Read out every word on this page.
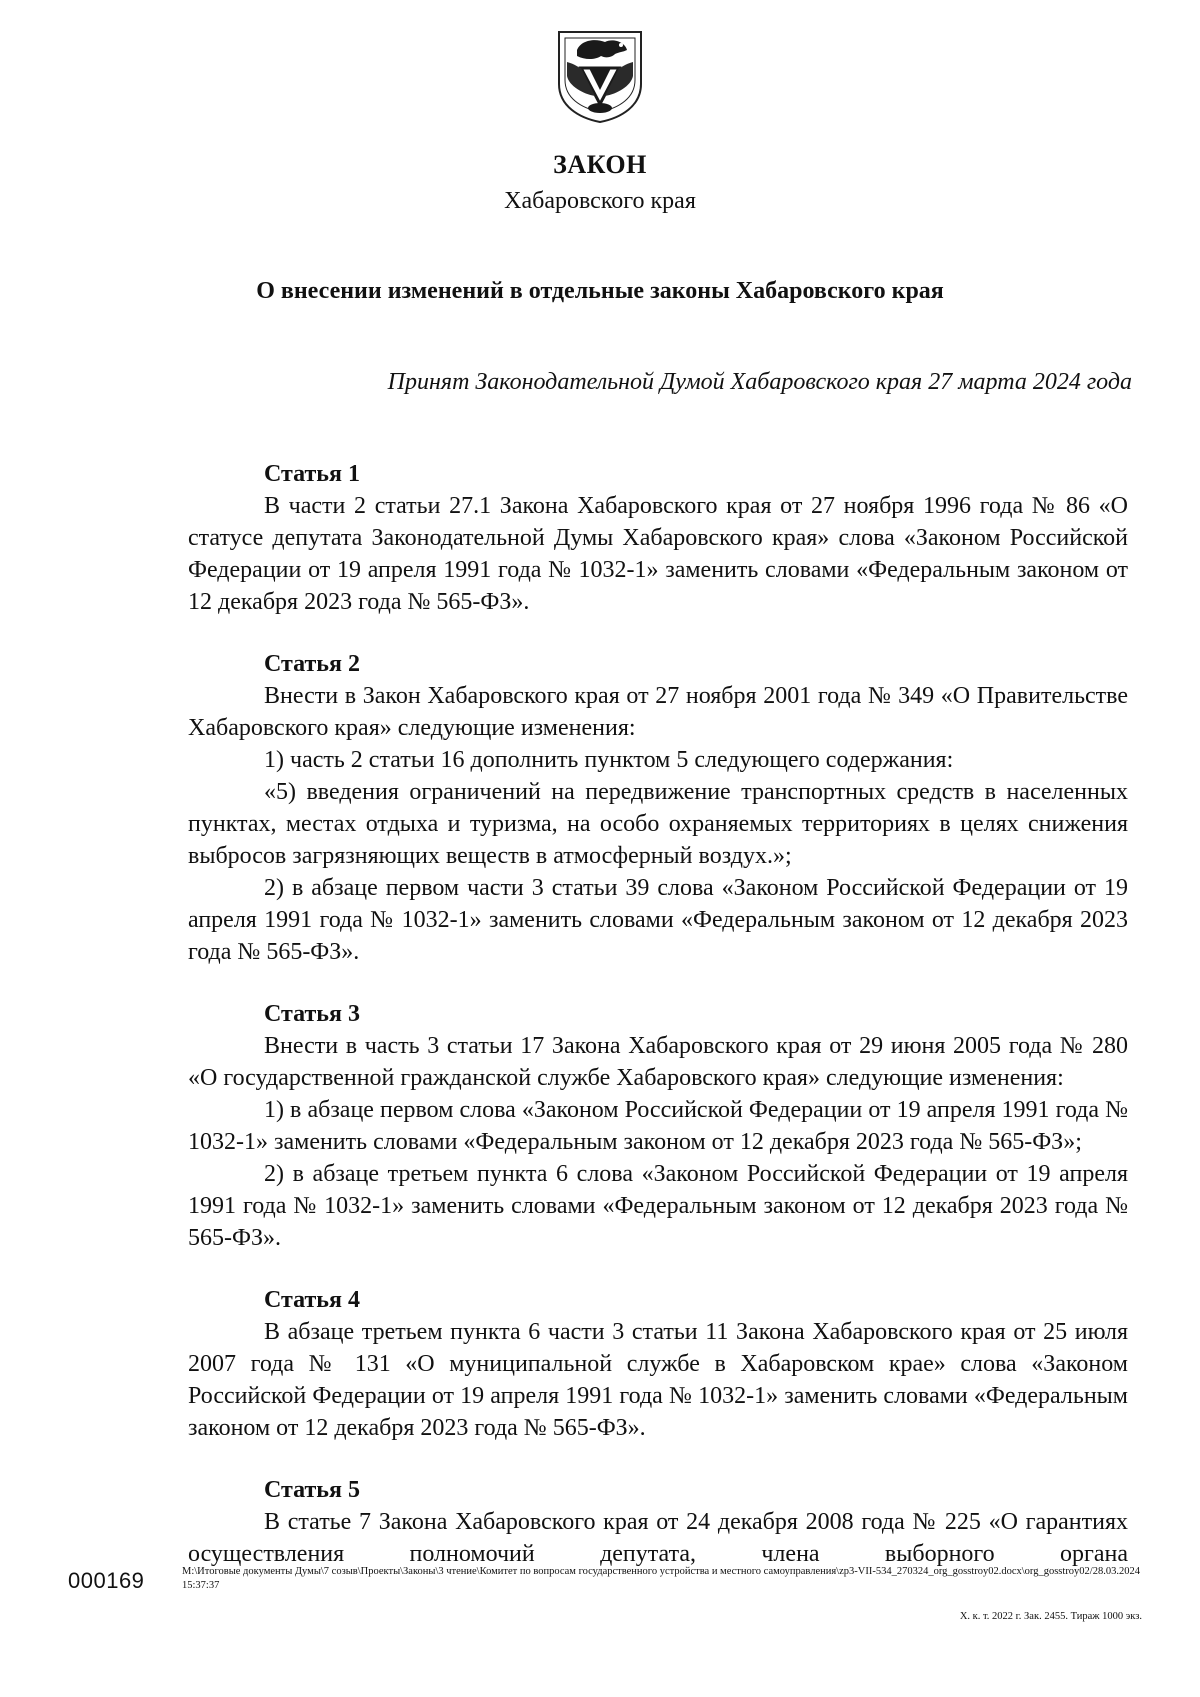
ЗАКОН
Хабаровского края
О внесении изменений в отдельные законы Хабаровского края
Принят Законодательной Думой Хабаровского края 27 марта 2024 года
Статья 1

В части 2 статьи 27.1 Закона Хабаровского края от 27 ноября 1996 года № 86 «О статусе депутата Законодательной Думы Хабаровского края» слова «Законом Российской Федерации от 19 апреля 1991 года № 1032-1» заменить словами «Федеральным законом от 12 декабря 2023 года № 565-ФЗ».

Статья 2

Внести в Закон Хабаровского края от 27 ноября 2001 года № 349 «О Правительстве Хабаровского края» следующие изменения:

1) часть 2 статьи 16 дополнить пунктом 5 следующего содержания:

«5) введения ограничений на передвижение транспортных средств в населенных пунктах, местах отдыха и туризма, на особо охраняемых территориях в целях снижения выбросов загрязняющих веществ в атмосферный воздух.»;

2) в абзаце первом части 3 статьи 39 слова «Законом Российской Федерации от 19 апреля 1991 года № 1032-1» заменить словами «Федеральным законом от 12 декабря 2023 года № 565-ФЗ».

Статья 3

Внести в часть 3 статьи 17 Закона Хабаровского края от 29 июня 2005 года № 280 «О государственной гражданской службе Хабаровского края» следующие изменения:

1) в абзаце первом слова «Законом Российской Федерации от 19 апреля 1991 года № 1032-1» заменить словами «Федеральным законом от 12 декабря 2023 года № 565-ФЗ»;

2) в абзаце третьем пункта 6 слова «Законом Российской Федерации от 19 апреля 1991 года № 1032-1» заменить словами «Федеральным законом от 12 декабря 2023 года № 565-ФЗ».

Статья 4

В абзаце третьем пункта 6 части 3 статьи 11 Закона Хабаровского края от 25 июля 2007 года № 131 «О муниципальной службе в Хабаровском крае» слова «Законом Российской Федерации от 19 апреля 1991 года № 1032-1» заменить словами «Федеральным законом от 12 декабря 2023 года № 565-ФЗ».

Статья 5

В статье 7 Закона Хабаровского края от 24 декабря 2008 года № 225 «О гарантиях осуществления полномочий депутата, члена выборного органа

000169	М:\Итоговые документы Думы\7 созыв\Проекты\Законы\3 чтение\Комитет по вопросам государственного устройства и местного самоуправления\zp3-VII-534_270324_org_gosstroy02.docx\org_gosstroy02/28.03.2024 15:37:37
Х. к. т. 2022 г. Зак. 2455. Тираж 1000 экз.
